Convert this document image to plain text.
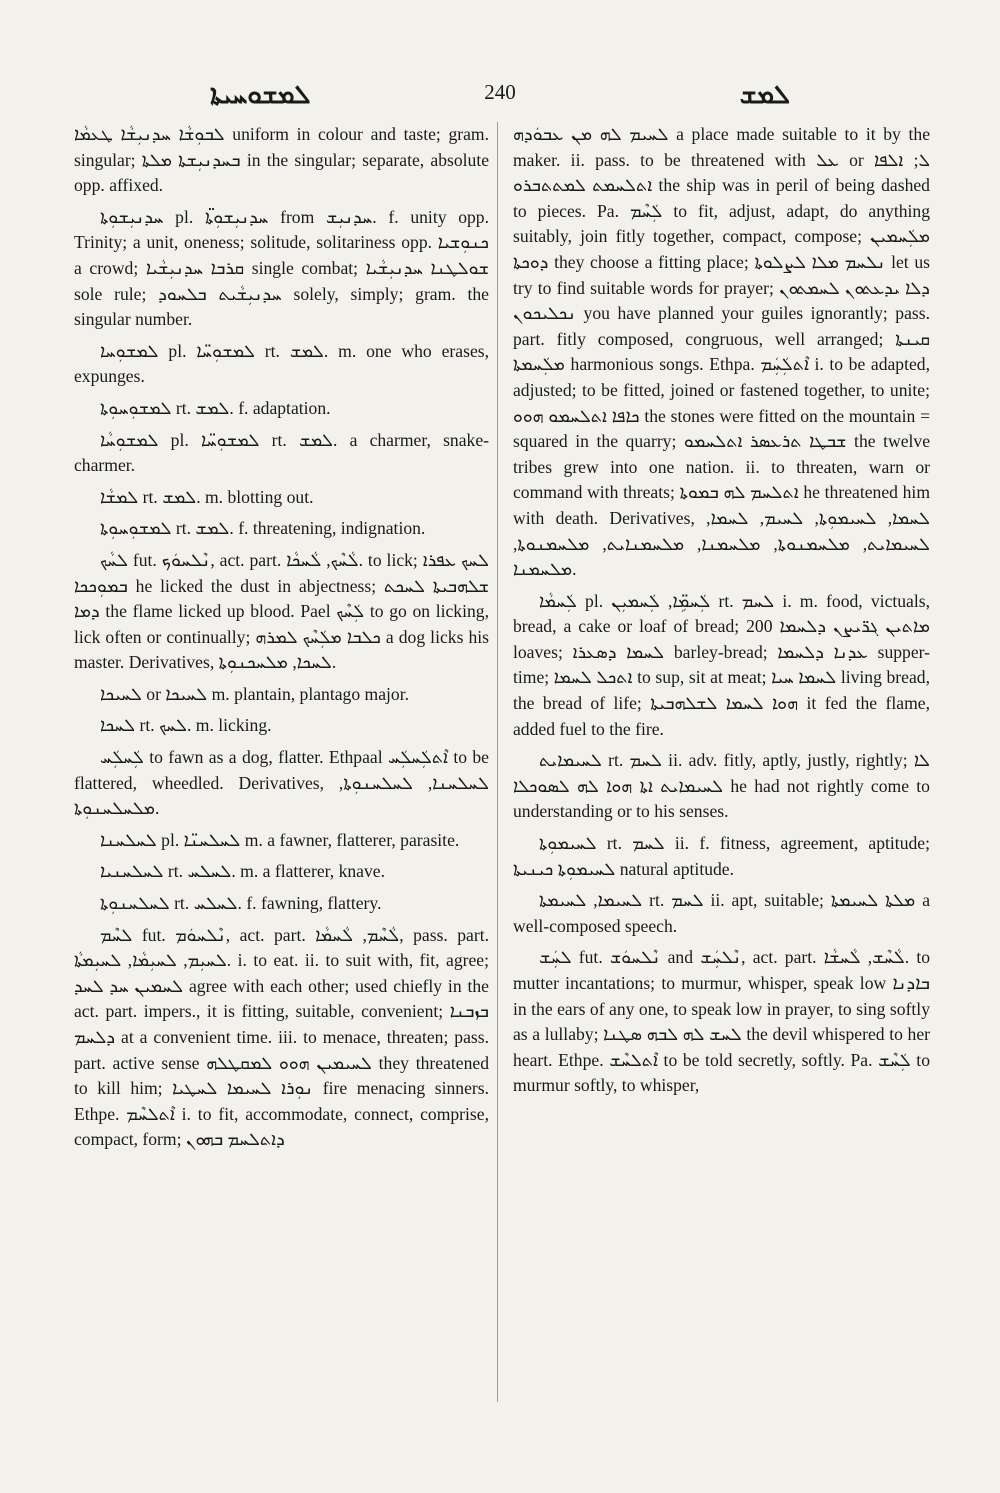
ܠܡܫܘܚܝܬܐ	240	ܠܡܫ

ܠܒܘܼܫܵܐ ܚܕܢܝܼܫܵܐ ܛܥܡܵܐ uniform in colour and taste; gram. singular; ܒܚܕܢܝܼܫܬܐ ܡܠܬܐ in the singular; separate, absolute opp. affixed.

ܚܕܢܝܼܫܘܼܬܐ pl. ܚܕܢܝܼܫܘܼܬ̈ܐ from ܚܕܢܝܼܫ. f. unity opp. Trinity; a unit, oneness; solitude, solitariness opp. ܟܢܘܼܫܝܐ a crowd; ܩܪܒܐ ܚܕܢܝܼܫܵܝܐ single combat; ܫܘܠܛܢܐ ܚܕܢܝܼܫܵܝܐ sole rule; ܚܕܢܝܼܫܵܝܬ ܒܠܚܘܕ solely, simply; gram. the singular number.

ܠܡܫܘܼܚܐ pl. ܠܡܫܘܼܚ̈ܐ rt. ܠܡܫ. m. one who erases, expunges.

ܠܡܫܘܼܚܘܼܬܐ rt. ܠܡܫ. f. adaptation.

ܠܡܫܘܼܚܵܐ pl. ܠܡܫܘܼܚ̈ܐ rt. ܠܡܫ. a charmer, snake-charmer.

ܠܡܫܵܐ rt. ܠܡܫ. m. blotting out.

ܠܡܫܘܼܚܘܼܬܐ rt. ܠܡܫ. f. threatening, indignation.

ܠܚܵܟ fut. ܢܶܠܚܘܿܟ, act. part. ܠܵܚܶܟ, ܠܵܚܟܵܐ. to lick; ܠܚܟ ܥܦܪܐ ܒܡܘܼܟܟܐ he licked the dust in abjectness; ܫܠܗܒܝܬܐ ܠܚܟܬ ܕܡܐ the flame licked up blood. Pael ܠܲܚܶܟ to go on licking, lick often or continually; ܟܠܒܐ ܡܠܲܚܶܟ ܠܡܪܗ a dog licks his master. Derivatives, ܠܚܟܐ, ܡܠܚܟܢܘܼܬܐ.

ܠܚܝܟܐ or ܠܚܝܟܐ m. plantain, plantago major.

ܠܚܟܐ rt. ܠܚܟ. m. licking.

ܠܲܚܠܲܚ to fawn as a dog, flatter. Ethpaal ܐܶܬܠܲܚܠܲܚ to be flattered, wheedled. Derivatives, ܠܚܠܚܢܐ, ܠܚܠܚܢܘܼܬܐ, ܡܠܚܠܚܢܘܼܬܐ.

ܠܚܠܚܢܐ pl. ܠܚܠܚܢ̈ܐ m. a fawner, flatterer, parasite.

ܠܚܠܚܢܝܐ rt. ܠܚܠܚ. m. a flatterer, knave.

ܠܚܠܚܢܘܼܬܐ rt. ܠܚܠܚ. f. fawning, flattery.

ܠܚܶܡ fut. ܢܶܠܚܘܿܡ, act. part. ܠܵܚܶܡ, ܠܵܚܡܵܐ, pass. part. ܠܚܝܼܡ, ܠܚܝܼܡܵܐ, ܠܚܝܼܡܬܵܐ. i. to eat. ii. to suit with, fit, agree; ܠܚܡܝܢ ܚܕ ܠܚܕ agree with each other; used chiefly in the act. part. impers., it is fitting, suitable, convenient; ܒܙܒܢܐ ܕܠܚܡ at a convenient time. iii. to menace, threaten; pass. part. active sense ܠܚܝܡܝܢ ܗܘܘ ܠܡܩܛܠܗ they threatened to kill him; ܢܘܼܪܐ ܠܚܝܡܐ ܠܚܛܝܐ fire menacing sinners. Ethpe. ܐܶܬܠܚܶܡ i. to fit, accommodate, connect, comprise, compact, form; ܕܐܬܠܚܡ ܒܗܘܢ

ܠܚܝܡ ܠܗ ܡܢ ܥܒܘܿܕܗ a place made suitable to it by the maker. ii. pass. to be threatened with ܥܠ or ܠ; ܐܠܦܐ ܐܬܠܚܡܬ ܠܡܬܬܒܪܘ the ship was in peril of being dashed to pieces. Pa. ܠܲܚܶܡ to fit, adjust, adapt, do anything suitably, join fitly together, compact, compose; ܡܠܲܚܡܝܢ ܕܘܟܬܐ they choose a fitting place; ܢܠܚܡ ܡܠܐ ܠܨܠܘܬܐ let us try to find suitable words for prayer; ܕܠܐ ܝܕܥܬܘܢ ܠܚܡܬܘܢ ܢܟܠܝܟܘܢ you have planned your guiles ignorantly; pass. part. fitly composed, congruous, well arranged; ܩܝܢܬܐ ܡܠܲܚܡܬܐ harmonious songs. Ethpa. ܐܶܬܠܲܚܲܡ i. to be adapted, adjusted; to be fitted, joined or fastened together, to unite; ܟܐܦܐ ܐܬܠܚܡܘ ܗܘܘ the stones were fitted on the mountain = squared in the quarry; ܫܒܛܐ ܬܪܥܣܪ ܐܬܠܚܡܘ the twelve tribes grew into one nation. ii. to threaten, warn or command with threats; ܐܬܠܚܡ ܠܗ ܒܡܘܬܐ he threatened him with death. Derivatives, ܠܚܡܐ, ܠܚܝܡܘܼܬܐ, ܠܚܝܡ, ܠܚܡܐ, ܠܚܝܡܐܝܬ, ܡܠܚܡܢܘܬܐ, ܡܠܚܡܢܐ, ܡܠܚܡܢܐܝܬ, ܡܠܚܡܢܘܬܐ, ܡܠܚܡܢܐ.

ܠܲܚܡܵܐ pl. ܠܲܚܡܹ̈ܐ, ܠܲܚܡܝܼܢ rt. ܠܚܡ i. m. food, victuals, bread, a cake or loaf of bread; ܡܐܬܝܢ ܓܪ̈ܝܨܢ ܕܠܚܡܐ 200 loaves; ܠܚܡܐ ܕܣܥܪܐ barley-bread; ܥܕܢܐ ܕܠܚܡܐ supper-time; ܐܬܟܠ ܠܚܡܐ to sup, sit at meat; ܠܚܡܐ ܚܝܐ living bread, the bread of life; ܗܘܐ ܠܚܡܐ ܠܫܠܗܒܝܬܐ it fed the flame, added fuel to the fire.

ܠܚܝܡܐܝܬ rt. ܠܚܡ ii. adv. fitly, aptly, justly, rightly; ܠܐ ܠܚܝܡܐܝܬ ܐܬܐ ܗܘܐ ܠܗ ܠܣܘܟܠܐ he had not rightly come to understanding or to his senses.

ܠܚܝܡܘܼܬܐ rt. ܠܚܡ ii. f. fitness, agreement, aptitude; ܠܚܝܡܘܼܬܐ ܟܝܢܝܬܐ natural aptitude.

ܠܚܝܡܐ, ܠܚܝܡܬܐ rt. ܠܚܡ ii. apt, suitable; ܡܠܬܐ ܠܚܝܡܬܐ a well-composed speech.

ܠܚܲܫ fut. ܢܶܠܚܘܿܫ and ܢܶܠܚܲܫ, act. part. ܠܵܚܶܫ, ܠܵܚܫܵܐ. to mutter incantations; to murmur, whisper, speak low ܒܐܕܢܐ in the ears of any one, to speak low in prayer, to sing softly as a lullaby; ܠܚܫ ܠܗ ܠܒܗ ܣܛܢܐ the devil whispered to her heart. Ethpe. ܐܶܬܠܚܶܫ to be told secretly, softly. Pa. ܠܲܚܶܫ to murmur softly, to whisper,
